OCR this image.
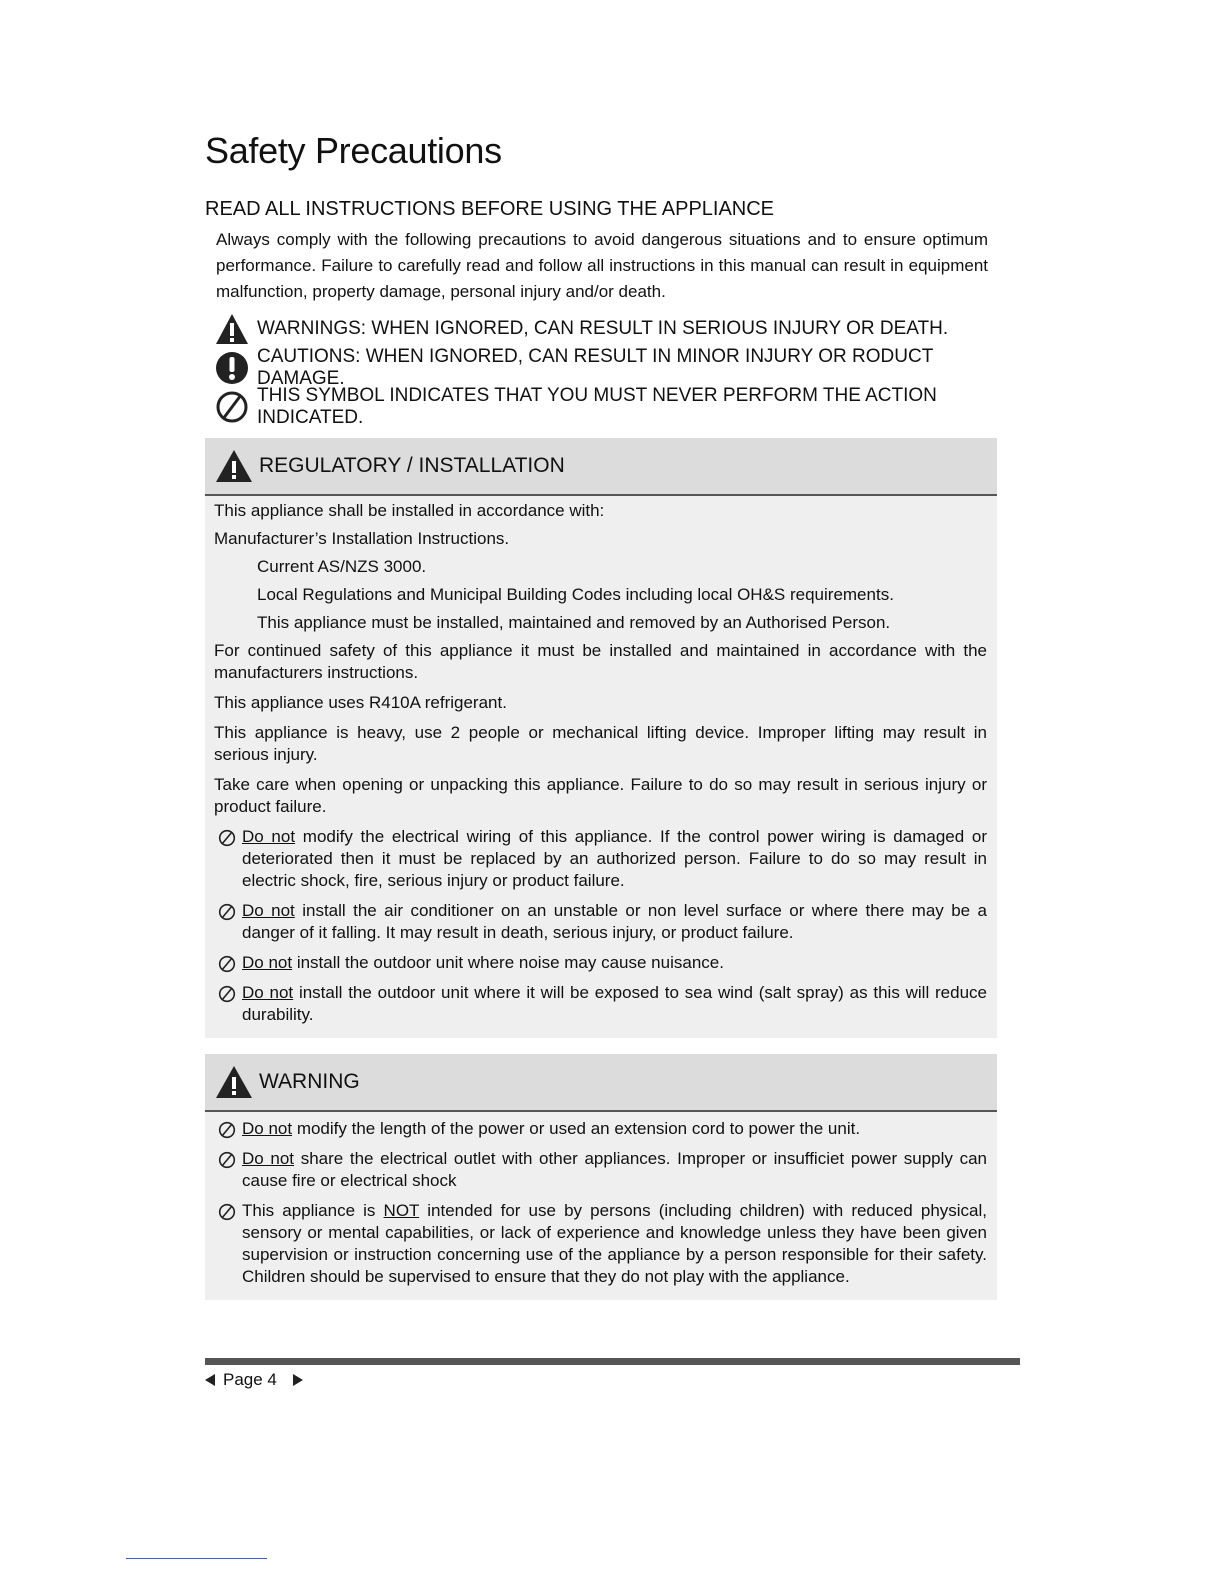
Safety Precautions
READ ALL INSTRUCTIONS BEFORE USING THE APPLIANCE
Always comply with the following precautions to avoid dangerous situations and to ensure optimum performance. Failure to carefully read and follow all instructions in this manual can result in equipment malfunction, property damage, personal injury and/or death.
WARNINGS: WHEN IGNORED, CAN RESULT IN SERIOUS INJURY OR DEATH.
CAUTIONS: WHEN IGNORED, CAN RESULT IN MINOR INJURY OR RODUCT DAMAGE.
THIS SYMBOL INDICATES THAT YOU MUST NEVER PERFORM THE ACTION INDICATED.
REGULATORY / INSTALLATION
This appliance shall be installed in accordance with:
Manufacturer’s Installation Instructions.
Current AS/NZS 3000.
Local Regulations and Municipal Building Codes including local OH&S requirements.
This appliance must be installed, maintained and removed by an Authorised Person.
For continued safety of this appliance it must be installed and maintained in accordance with the manufacturers instructions.
This appliance uses R410A refrigerant.
This appliance is heavy, use 2 people or mechanical lifting device. Improper lifting may result in serious injury.
Take care when opening or unpacking this appliance. Failure to do so may result in serious injury or product failure.
Do not modify the electrical wiring of this appliance. If the control power wiring is damaged or deteriorated then it must be replaced by an authorized person. Failure to do so may result in electric shock, fire, serious injury or product failure.
Do not install the air conditioner on an unstable or non level surface or where there may be a danger of it falling. It may result in death, serious injury, or product failure.
Do not install the outdoor unit where noise may cause nuisance.
Do not install the outdoor unit where it will be exposed to sea wind (salt spray) as this will reduce durability.
WARNING
Do not modify the length of the power or used an extension cord to power the unit.
Do not share the electrical outlet with other appliances. Improper or insufficiet power supply can cause fire or electrical shock
This appliance is NOT intended for use by persons (including children) with reduced physical, sensory or mental capabilities, or lack of experience and knowledge unless they have been given supervision or instruction concerning use of the appliance by a person responsible for their safety. Children should be supervised to ensure that they do not play with the appliance.
Page 4
